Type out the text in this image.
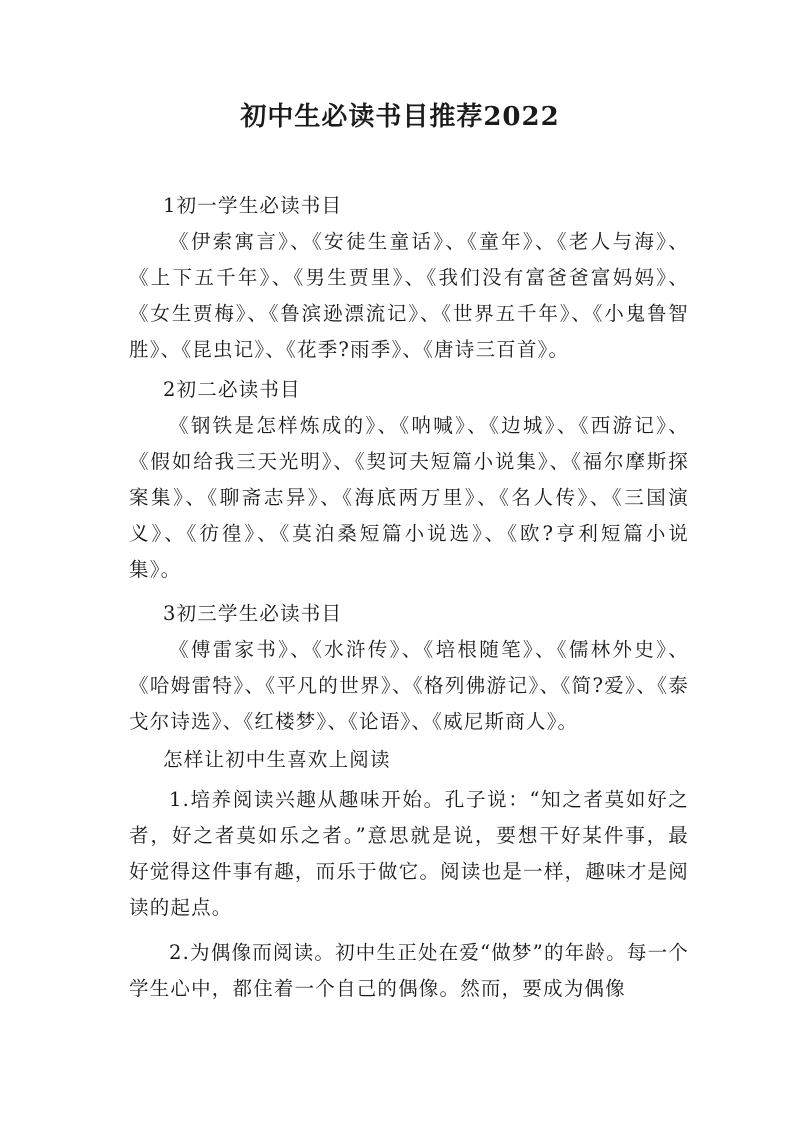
初中生必读书目推荐2022

1初一学生必读书目

《伊索寓言》、《安徒生童话》、《童年》、《老人与海》、《上下五千年》、《男生贾里》、《我们没有富爸爸富妈妈》、《女生贾梅》、《鲁滨逊漂流记》、《世界五千年》、《小鬼鲁智胜》、《昆虫记》、《花季?雨季》、《唐诗三百首》。

2初二必读书目

《钢铁是怎样炼成的》、《呐喊》、《边城》、《西游记》、《假如给我三天光明》、《契诃夫短篇小说集》、《福尔摩斯探案集》、《聊斋志异》、《海底两万里》、《名人传》、《三国演义》、《彷徨》、《莫泊桑短篇小说选》、《欧?亨利短篇小说集》。

3初三学生必读书目

《傅雷家书》、《水浒传》、《培根随笔》、《儒林外史》、《哈姆雷特》、《平凡的世界》、《格列佛游记》、《简?爱》、《泰戈尔诗选》、《红楼梦》、《论语》、《威尼斯商人》。

怎样让初中生喜欢上阅读

1.培养阅读兴趣从趣味开始。孔子说：“知之者莫如好之者，好之者莫如乐之者。”意思就是说，要想干好某件事，最好觉得这件事有趣，而乐于做它。阅读也是一样，趣味才是阅读的起点。

2.为偶像而阅读。初中生正处在爱“做梦”的年龄。每一个学生心中，都住着一个自己的偶像。然而，要成为偶像
